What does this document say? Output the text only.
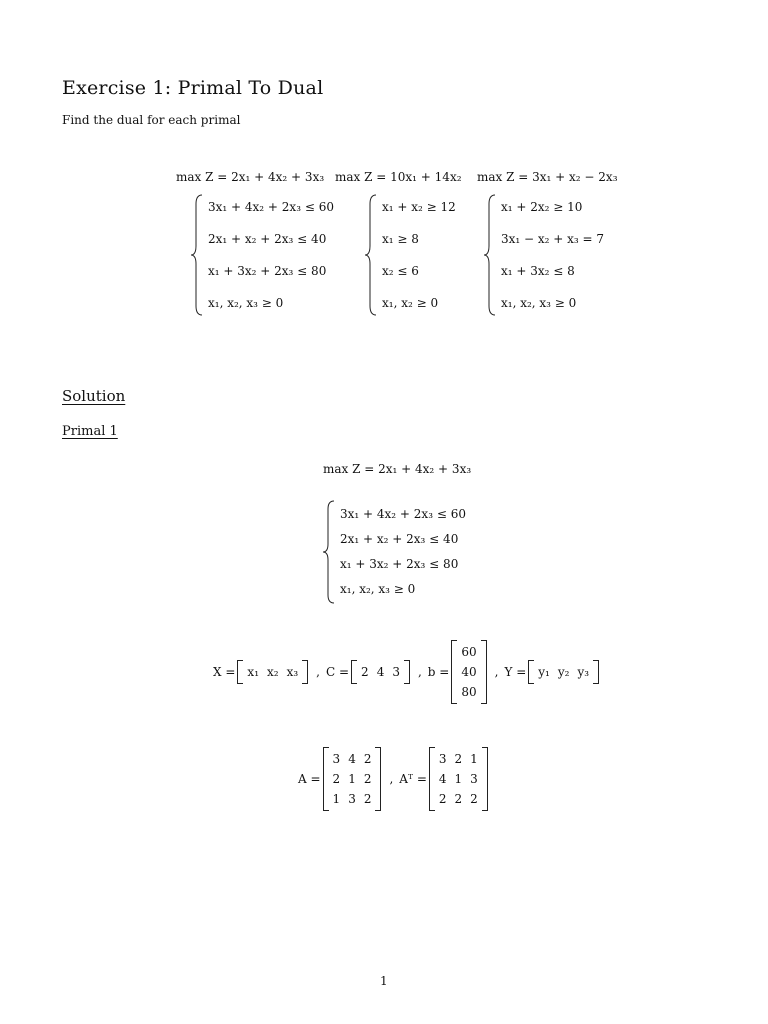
Exercise 1: Primal To Dual
Find the dual for each primal
max Z = 2x₁ + 4x₂ + 3x₃
3x₁ + 4x₂ + 2x₃ ≤ 60
2x₁ + x₂ + 2x₃ ≤ 40
x₁ + 3x₂ + 2x₃ ≤ 80
x₁, x₂, x₃ ≥ 0
max Z = 10x₁ + 14x₂
x₁ + x₂ ≥ 12
x₁ ≥ 8
x₂ ≤ 6
x₁, x₂ ≥ 0
max Z = 3x₁ + x₂ − 2x₃
x₁ + 2x₂ ≥ 10
3x₁ − x₂ + x₃ = 7
x₁ + 3x₂ ≤ 8
x₁, x₂, x₃ ≥ 0
Solution
Primal 1
max Z = 2x₁ + 4x₂ + 3x₃
3x₁ + 4x₂ + 2x₃ ≤ 60
2x₁ + x₂ + 2x₃ ≤ 40
x₁ + 3x₂ + 2x₃ ≤ 80
x₁, x₂, x₃ ≥ 0
X =	x₁ x₂ x₃	, C =	2 4 3	, b =
60
40
80
, Y =	y₁ y₂ y₃
A =
3 4 2
2 1 2
1 3 2
, Aᵀ =
3 2 1
4 1 3
2 2 2
1
